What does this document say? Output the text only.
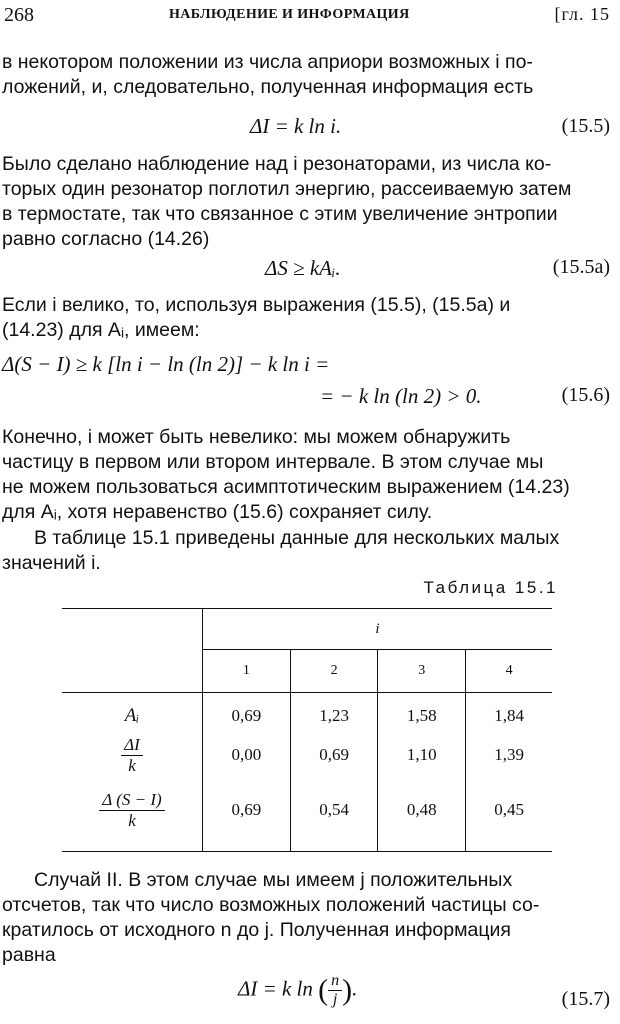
268	НАБЛЮДЕНИЕ И ИНФОРМАЦИЯ	[гл. 15
в некотором положении из числа априори возможных i по-
ложений, и, следовательно, полученная информация есть
ΔI = k ln i.	(15.5)
Было сделано наблюдение над i резонаторами, из числа ко-
торых один резонатор поглотил энергию, рассеиваемую затем
в термостате, так что связанное с этим увеличение энтропии
равно согласно (14.26)
ΔS ≥ kAᵢ.	(15.5a)
Если i велико, то, используя выражения (15.5), (15.5a) и
(14.23) для Aᵢ, имеем:
Δ(S − I) ≥ k [ln i − ln (ln 2)] − k ln i =
= − k ln (ln 2) > 0.	(15.6)
Конечно, i может быть невелико: мы можем обнаружить
частицу в первом или втором интервале. В этом случае мы
не можем пользоваться асимптотическим выражением (14.23)
для Aᵢ, хотя неравенство (15.6) сохраняет силу.
В таблице 15.1 приведены данные для нескольких малых
значений i.
Таблица 15.1
	i			
	1	2	3	4
Aᵢ	0,69	1,23	1,58	1,84

$\frac{\Delta I}{k}$	0,00	0,69	1,10	1,39

$\frac{\Delta (S - I)}{k}$	0,69	0,54	0,48	0,45
Случай II. В этом случае мы имеем j положительных
отсчетов, так что число возможных положений частицы со-
кратилось от исходного n до j. Полученная информация
равна
ΔI = k ln ( $\frac{n}{j}$ ).	(15.7)
